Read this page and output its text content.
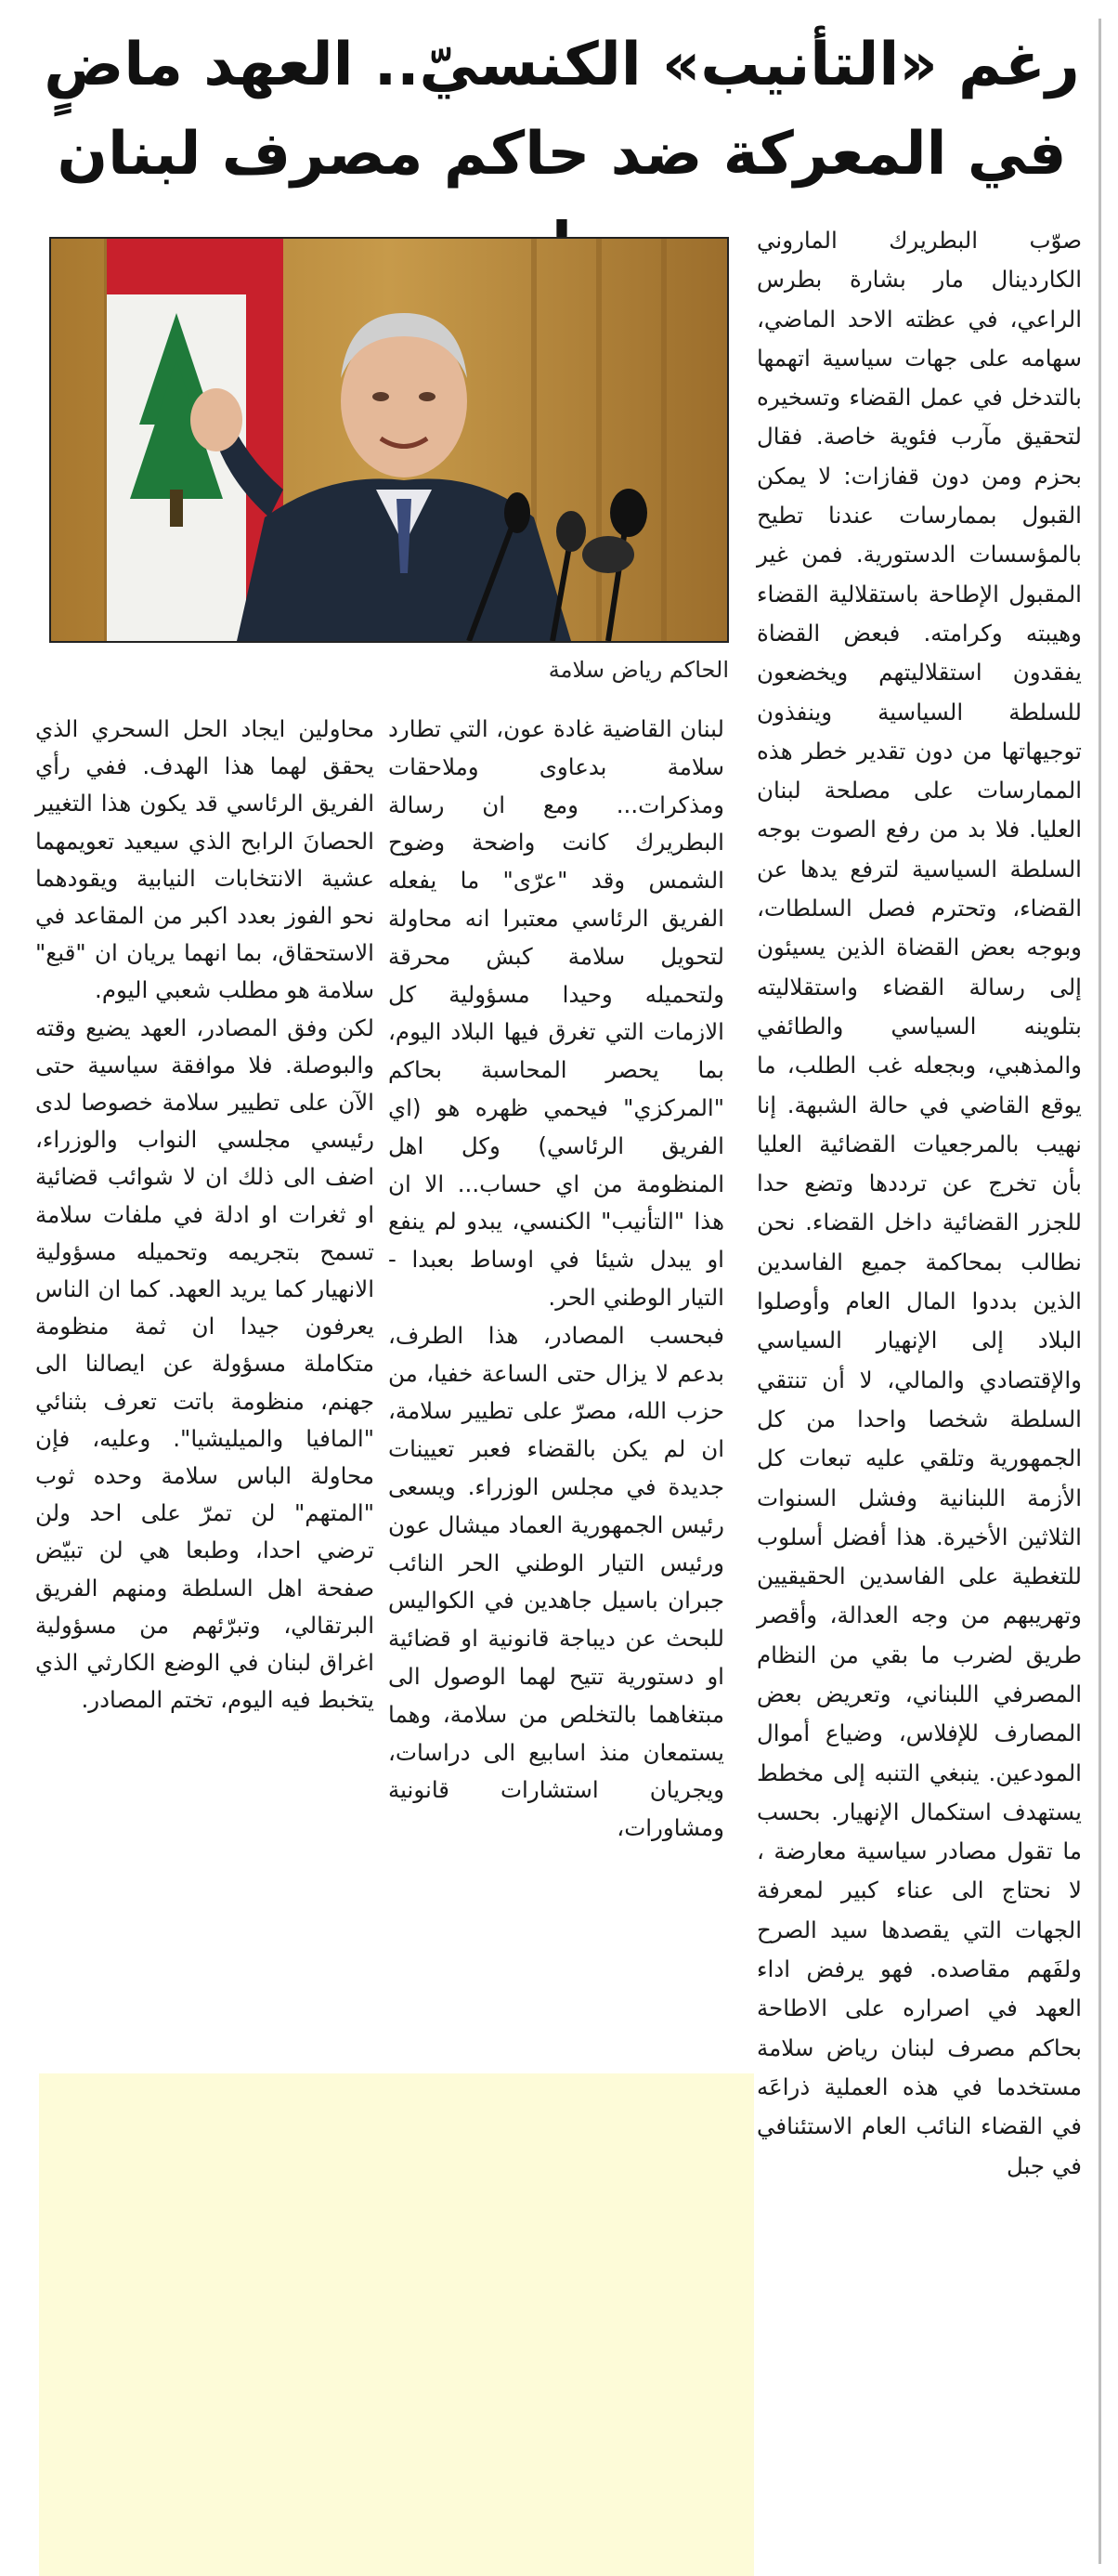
رغم «التأنيب» الكنسيّ.. العهد ماضٍ
في المعركة ضد حاكم مصرف لبنان
الحاكم رياض سلامة

صوّب البطريرك الماروني الكاردينال مار بشارة بطرس الراعي، في عظته الاحد الماضي، سهامه على جهات سياسية اتهمها بالتدخل في عمل القضاء وتسخيره لتحقيق مآرب فئوية خاصة. فقال بحزم ومن دون قفازات: لا يمكن القبول بممارسات عندنا تطيح بالمؤسسات الدستورية. فمن غير المقبول الإطاحة باستقلالية القضاء وهيبته وكرامته. فبعض القضاة يفقدون استقلاليتهم ويخضعون للسلطة السياسية وينفذون توجيهاتها من دون تقدير خطر هذه الممارسات على مصلحة لبنان العليا. فلا بد من رفع الصوت بوجه السلطة السياسية لترفع يدها عن القضاء، وتحترم فصل السلطات، وبوجه بعض القضاة الذين يسيئون إلى رسالة القضاء واستقلاليته بتلوينه السياسي والطائفي والمذهبي، وبجعله غب الطلب، ما يوقع القاضي في حالة الشبهة. إنا نهيب بالمرجعيات القضائية العليا بأن تخرج عن ترددها وتضع حدا للجزر القضائية داخل القضاء. نحن نطالب بمحاكمة جميع الفاسدين الذين بددوا المال العام وأوصلوا البلاد إلى الإنهيار السياسي والإقتصادي والمالي، لا أن تنتقي السلطة شخصا واحدا من كل الجمهورية وتلقي عليه تبعات كل الأزمة اللبنانية وفشل السنوات الثلاثين الأخيرة. هذا أفضل أسلوب للتغطية على الفاسدين الحقيقيين وتهريبهم من وجه العدالة، وأقصر طريق لضرب ما بقي من النظام المصرفي اللبناني، وتعريض بعض المصارف للإفلاس، وضياع أموال المودعين. ينبغي التنبه إلى مخطط يستهدف استكمال الإنهيار. بحسب ما تقول مصادر سياسية معارضة ، لا نحتاج الى عناء كبير لمعرفة الجهات التي يقصدها سيد الصرح ولفَهم مقاصده. فهو يرفض اداء العهد في اصراره على الاطاحة بحاكم مصرف لبنان رياض سلامة مستخدما في هذه العملية ذراعَه في القضاء النائب العام الاستئنافي في جبل

لبنان القاضية غادة عون، التي تطارد سلامة بدعاوى وملاحقات ومذكرات... ومع ان رسالة البطريرك كانت واضحة وضوح الشمس وقد "عرّى" ما يفعله الفريق الرئاسي معتبرا انه محاولة لتحويل سلامة كبش محرقة ولتحميله وحيدا مسؤولية كل الازمات التي تغرق فيها البلاد اليوم، بما يحصر المحاسبة بحاكم "المركزي" فيحمي ظهره هو (اي الفريق الرئاسي) وكل اهل المنظومة من اي حساب... الا ان هذا "التأنيب" الكنسي، يبدو لم ينفع او يبدل شيئا في اوساط بعبدا - التيار الوطني الحر.

فبحسب المصادر، هذا الطرف، بدعم لا يزال حتى الساعة خفيا، من حزب الله، مصرّ على تطيير سلامة، ان لم يكن بالقضاء فعبر تعيينات جديدة في مجلس الوزراء. ويسعى رئيس الجمهورية العماد ميشال عون ورئيس التيار الوطني الحر النائب جبران باسيل جاهدين في الكواليس للبحث عن ديباجة قانونية او قضائية او دستورية تتيح لهما الوصول الى مبتغاهما بالتخلص من سلامة، وهما يستمعان منذ اسابيع الى دراسات، ويجريان استشارات قانونية ومشاورات،

محاولين ايجاد الحل السحري الذي يحقق لهما هذا الهدف. ففي رأي الفريق الرئاسي قد يكون هذا التغيير الحصانَ الرابح الذي سيعيد تعويمهما عشية الانتخابات النيابية ويقودهما نحو الفوز بعدد اكبر من المقاعد في الاستحقاق، بما انهما يريان ان "قبع" سلامة هو مطلب شعبي اليوم.

لكن وفق المصادر، العهد يضيع وقته والبوصلة. فلا موافقة سياسية حتى الآن على تطيير سلامة خصوصا لدى رئيسي مجلسي النواب والوزراء، اضف الى ذلك ان لا شوائب قضائية او ثغرات او ادلة في ملفات سلامة تسمح بتجريمه وتحميله مسؤولية الانهيار كما يريد العهد. كما ان الناس يعرفون جيدا ان ثمة منظومة متكاملة مسؤولة عن ايصالنا الى جهنم، منظومة باتت تعرف بثنائي "المافيا والميليشيا". وعليه، فإن محاولة الباس سلامة وحده ثوب "المتهم" لن تمرّ على احد ولن ترضي احدا، وطبعا هي لن تبيّض صفحة اهل السلطة ومنهم الفريق البرتقالي، وتبرّئهم من مسؤولية اغراق لبنان في الوضع الكارثي الذي يتخبط فيه اليوم، تختم المصادر.
